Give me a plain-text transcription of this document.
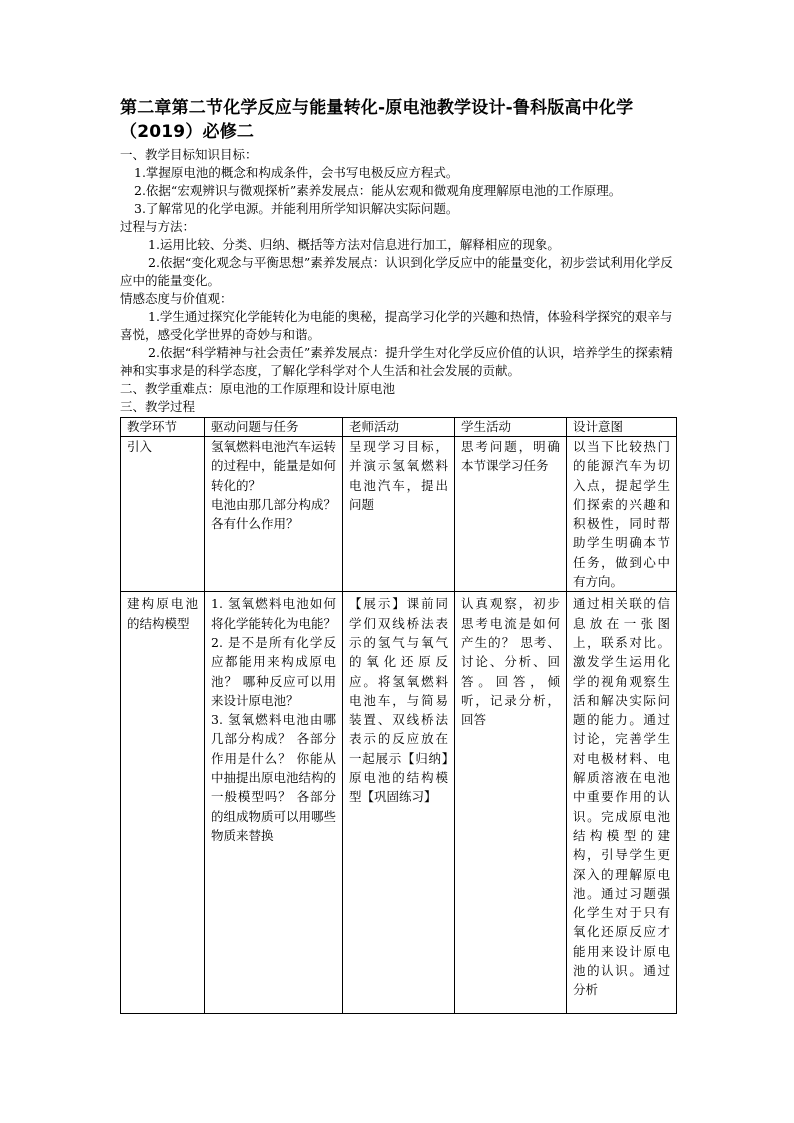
第二章第二节化学反应与能量转化-原电池教学设计-鲁科版高中化学（2019）必修二

一、教学目标知识目标：

1.掌握原电池的概念和构成条件，会书写电极反应方程式。

2.依据“宏观辨识与微观探析”素养发展点：能从宏观和微观角度理解原电池的工作原理。

3.了解常见的化学电源。并能利用所学知识解决实际问题。

过程与方法：

1.运用比较、分类、归纳、概括等方法对信息进行加工，解释相应的现象。

2.依据“变化观念与平衡思想”素养发展点：认识到化学反应中的能量变化，初步尝试利用化学反应中的能量变化。

情感态度与价值观：

1.学生通过探究化学能转化为电能的奥秘，提高学习化学的兴趣和热情，体验科学探究的艰辛与喜悦，感受化学世界的奇妙与和谐。

2.依据“科学精神与社会责任”素养发展点：提升学生对化学反应价值的认识，培养学生的探索精神和实事求是的科学态度，了解化学科学对个人生活和社会发展的贡献。

二、教学重难点：原电池的工作原理和设计原电池

三、教学过程

教学环节	驱动问题与任务	老师活动	学生活动	设计意图
引入	氢氧燃料电池汽车运转的过程中，能量是如何转化的？
电池由那几部分构成？各有什么作用？	呈现学习目标，并演示氢氧燃料电池汽车，提出问题	思考问题，明确本节课学习任务	以当下比较热门的能源汽车为切入点，提起学生们探索的兴趣和积极性，同时帮助学生明确本节任务，做到心中有方向。
建构原电池的结构模型	1. 氢氧燃料电池如何将化学能转化为电能？ 2. 是不是所有化学反应都能用来构成原电池？ 哪种反应可以用来设计原电池？
3. 氢氧燃料电池由哪几部分构成？ 各部分作用是什么？ 你能从中抽提出原电池结构的一般模型吗？ 各部分的组成物质可以用哪些物质来替换	【展示】课前同学们双线桥法表示的氢气与氧气的氧化还原反应。将氢氧燃料电池车，与简易装置、双线桥法表示的反应放在一起展示【归纳】原电池的结构模型【巩固练习】	认真观察，初步思考电流是如何产生的？ 思考、讨论、分析、回答。回答，倾听，记录分析，回答	通过相关联的信息放在一张图上，联系对比。激发学生运用化学的视角观察生活和解决实际问题的能力。通过讨论，完善学生对电极材料、电解质溶液在电池中重要作用的认识。完成原电池结构模型的建构，引导学生更深入的理解原电池。通过习题强化学生对于只有氧化还原反应才能用来设计原电池的认识。通过分析
